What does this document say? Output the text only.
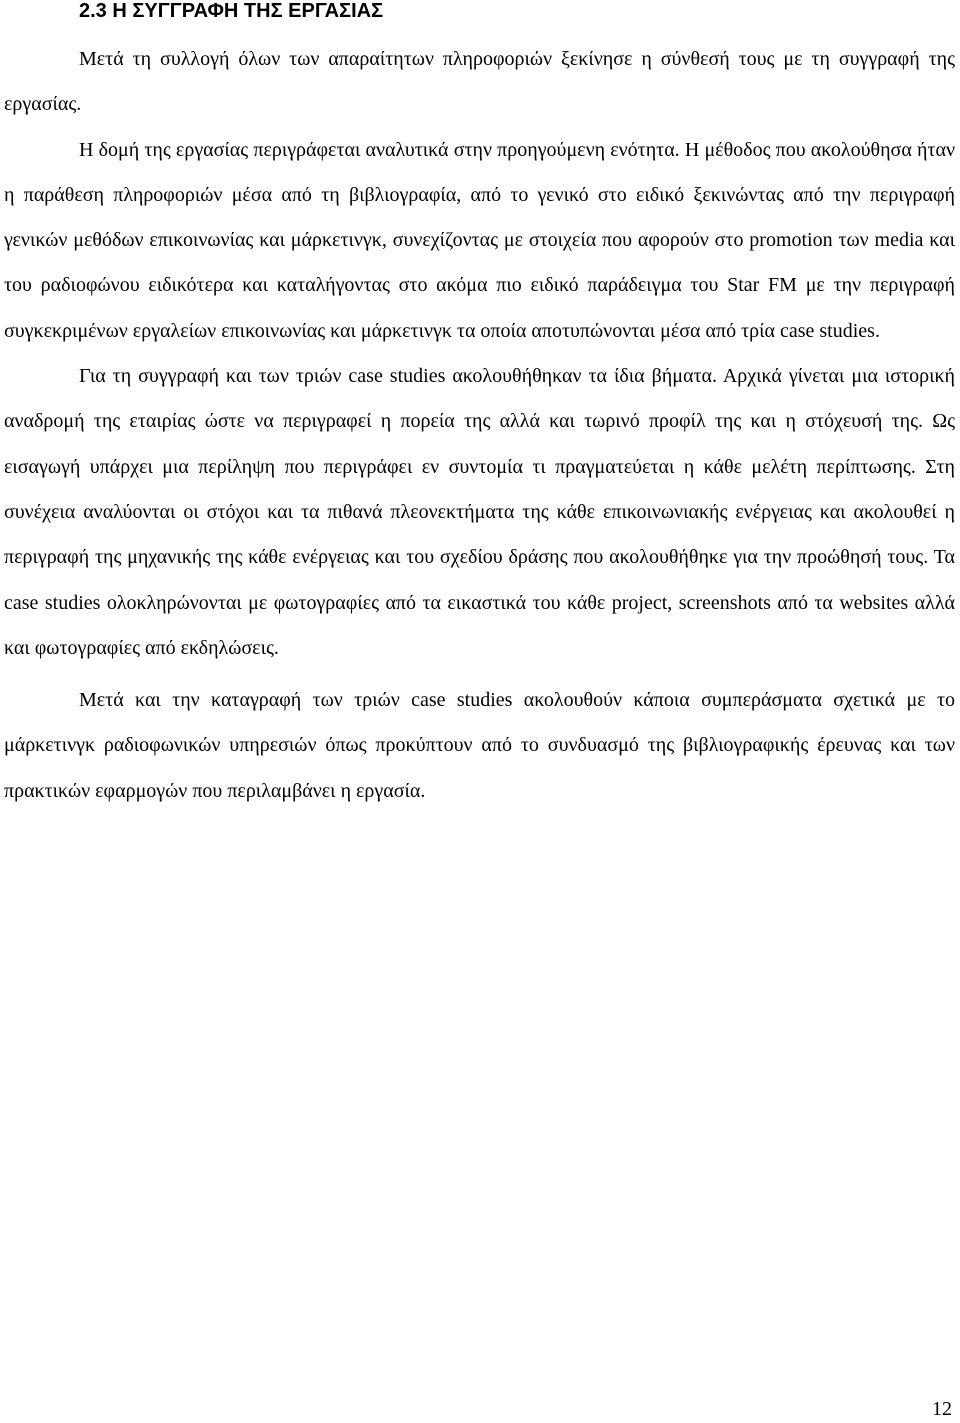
2.3 Η ΣΥΓΓΡΑΦΗ ΤΗΣ ΕΡΓΑΣΙΑΣ

Μετά τη συλλογή όλων των απαραίτητων πληροφοριών ξεκίνησε η σύνθεσή τους με τη συγγραφή της εργασίας.

Η δομή της εργασίας περιγράφεται αναλυτικά στην προηγούμενη ενότητα. Η μέθοδος που ακολούθησα ήταν η παράθεση πληροφοριών μέσα από τη βιβλιογραφία, από το γενικό στο ειδικό ξεκινώντας από την περιγραφή γενικών μεθόδων επικοινωνίας και μάρκετινγκ, συνεχίζοντας με στοιχεία που αφορούν στο promotion των media και του ραδιοφώνου ειδικότερα και καταλήγοντας στο ακόμα πιο ειδικό παράδειγμα του Star FM με την περιγραφή συγκεκριμένων εργαλείων επικοινωνίας και μάρκετινγκ τα οποία αποτυπώνονται μέσα από τρία case studies.

Για τη συγγραφή και των τριών case studies ακολουθήθηκαν τα ίδια βήματα. Αρχικά γίνεται μια ιστορική αναδρομή της εταιρίας ώστε να περιγραφεί η πορεία της αλλά και τωρινό προφίλ της και η στόχευσή της. Ως εισαγωγή υπάρχει μια περίληψη που περιγράφει εν συντομία τι πραγματεύεται η κάθε μελέτη περίπτωσης. Στη συνέχεια αναλύονται οι στόχοι και τα πιθανά πλεονεκτήματα της κάθε επικοινωνιακής ενέργειας και ακολουθεί η περιγραφή της μηχανικής της κάθε ενέργειας και του σχεδίου δράσης που ακολουθήθηκε για την προώθησή τους. Τα case studies ολοκληρώνονται με φωτογραφίες από τα εικαστικά του κάθε project, screenshots από τα websites αλλά και φωτογραφίες από εκδηλώσεις.

Μετά και την καταγραφή των τριών case studies ακολουθούν κάποια συμπεράσματα σχετικά με το μάρκετινγκ ραδιοφωνικών υπηρεσιών όπως προκύπτουν από το συνδυασμό της βιβλιογραφικής έρευνας και των πρακτικών εφαρμογών που περιλαμβάνει η εργασία.

12
